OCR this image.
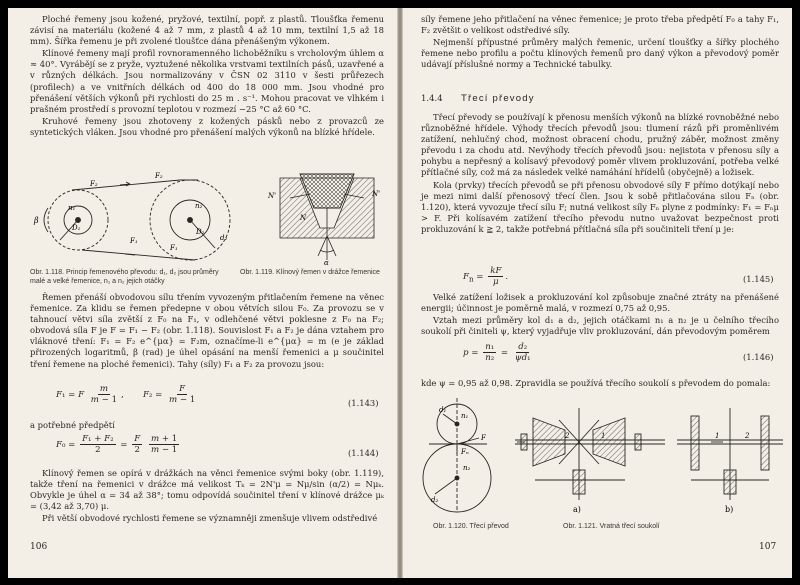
Ploché řemeny jsou kožené, pryžové, textilní, popř. z plastů. Tloušťka řemenu závisí na materiálu (kožené 4 až 7 mm, z plastů 4 až 10 mm, textilní 1,5 až 18 mm). Šířka řemenu je při zvolené tloušťce dána přenášeným výkonem.

Klínové řemeny mají profil rovnoramenného lichoběžníku s vrcholovým úhlem α ≈ 40°. Vyrábějí se z pryže, vyztužené několika vrstvami textilních pásů, uzavřené a v různých délkách. Jsou normalizovány v ČSN 02 3110 v šesti průřezech (profilech) a ve vnitřních délkách od 400 do 18 000 mm. Jsou vhodné pro přenášení větších výkonů při rychlosti do 25 m . s⁻¹. Mohou pracovat ve vlhkém i prašném prostředí s provozní teplotou v rozmezí −25 °C až 60 °C.

Kruhové řemeny jsou zhotoveny z kožených pásků nebo z provazců ze syntetických vláken. Jsou vhodné pro přenášení malých výkonů na blízké hřídele.

β
F₂
F₂
F₁
F₁
n₁
D₁
n₂
D₂
d₂
N'	N'
N
α
Obr. 1.118. Princip řemenového převodu: d₁, d₂ jsou průměry malé a velké řemenice, n₁ a n₂ jejich otáčky
Obr. 1.119. Klínový řemen v drážce řemenice

Řemen přenáší obvodovou sílu třením vyvozeným přitlačením řemene na věnec řemenice. Za klidu se řemen předepne v obou větvích silou F₀. Za provozu se v tahnoucí větvi síla zvětší z F₀ na F₁, v odlehčené větvi poklesne z F₀ na F₂; obvodová síla F je F = F₁ − F₂ (obr. 1.118). Souvislost F₁ a F₂ je dána vztahem pro vláknové tření: F₁ = F₂ e^{μα} = F₂m, označíme-li e^{μα} = m (e je základ přirozených logaritmů, β (rad) je úhel opásání na menší řemenici a μ součinitel tření řemene na ploché řemenici). Tahy (síly) F₁ a F₂ za provozu jsou:

F₁ = F $\frac{m}{m - 1}$ ,       $F_2 = \frac{F}{m - 1}$	(1.143)

a potřebné předpětí

$F_0 = \frac{\text{F₁ + F₂}}{2} = \frac{F}{2}$
$\frac{m + 1}{m - 1}$	(1.144)

Klínový řemen se opírá v drážkách na věnci řemenice svými boky (obr. 1.119), takže tření na řemenici v drážce má velikost Tₖ = 2N'μ = Nμ/sin (α/2) = Nμₖ. Obvykle je úhel α = 34 až 38°; tomu odpovídá součinitel tření v klínové drážce μₖ = (3,42 až 3,70) μ.

Při větší obvodové rychlosti řemene se významněji zmenšuje vlivem odstředivé

106

síly řemene jeho přitlačení na věnec řemenice; je proto třeba předpětí F₀ a tahy F₁, F₂ zvětšit o velikost odstředivé síly.

Nejmenší přípustné průměry malých řemenic, určení tloušťky a šířky plochého řemene nebo profilu a počtu klínových řemenů pro daný výkon a převodový poměr udávají příslušné normy a Technické tabulky.

1.4.4 Třecí převody

Třecí převody se používají k přenosu menších výkonů na blízké rovnoběžné nebo různoběžné hřídele. Výhody třecích převodů jsou: tlumení rázů při proměnlivém zatížení, nehlučný chod, možnost obracení chodu, pružný záběr, možnost změny převodu i za chodu atd. Nevýhody třecích převodů jsou: nejistota v přenosu síly a pohybu a nepřesný a kolísavý převodový poměr vlivem prokluzování, potřeba velké přítlačné síly, což má za následek velké namáhání hřídelů (obyčejně) a ložisek.

Kola (prvky) třecích převodů se při přenosu obvodové síly F přímo dotýkají nebo je mezi nimi další přenosový třecí člen. Jsou k sobě přitlačována silou Fₙ (obr. 1.120), která vyvozuje třecí sílu F; nutná velikost síly Fₙ plyne z podmínky: F₁ = Fₙμ > F. Při kolísavém zatížení třecího převodu nutno uvažovat bezpečnost proti prokluzování k ≧ 2, takže potřebná přítlačná síla při součiniteli tření μ je:

$F_n = \frac{kF}{\mu}$ .	(1.145)

Velké zatížení ložisek a prokluzování kol způsobuje značné ztráty na přenášené energii; účinnost je poměrně malá, v rozmezí 0,75 až 0,95.

Vztah mezi průměry kol d₁ a d₂, jejich otáčkami n₁ a n₂ je u čelního třecího soukolí při činiteli ψ, který vyjadřuje vliv prokluzování, dán převodovým poměrem

$p = \frac{\text{n₁}}{\text{n₂}} = \frac{\text{d₂}}{\text{ψd₁}}$	(1.146)

kde ψ = 0,95 až 0,98. Zpravidla se používá třecího soukolí s převodem do pomala:

d₁
n₁
F
Fₙ
n₂
d₂
2	1	1	2
a)	b)
Obr. 1.120. Třecí převod	Obr. 1.121. Vratná třecí soukolí
107
